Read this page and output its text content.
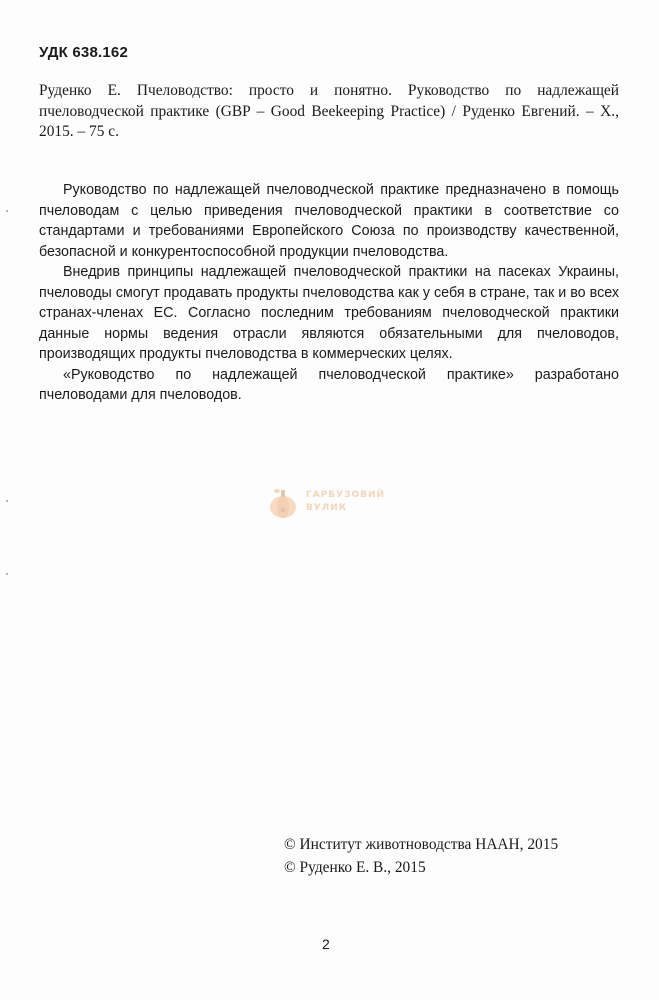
УДК 638.162
Руденко Е. Пчеловодство: просто и понятно. Руководство по надлежащей пчеловодческой практике (GBP – Good Beekeeping Practice) / Руденко Евгений. – Х., 2015. – 75 с.

Руководство по надлежащей пчеловодческой практике предназначено в помощь пчеловодам с целью приведения пчеловодческой практики в соответствие со стандартами и требованиями Европейского Союза по производству качественной, безопасной и конкурентоспособной продукции пчеловодства.

Внедрив принципы надлежащей пчеловодческой практики на пасеках Украины, пчеловоды смогут продавать продукты пчеловодства как у себя в стране, так и во всех странах-членах ЕС. Согласно последним требованиям пчеловодческой практики данные нормы ведения отрасли являются обязательными для пчеловодов, производящих продукты пчеловодства в коммерческих целях.

«Руководство по надлежащей пчеловодческой практике» разработано пчеловодами для пчеловодов.

ГАРБУЗОВИЙ ВУЛИК
© Институт животноводства НААН, 2015
© Руденко Е. В., 2015
2
